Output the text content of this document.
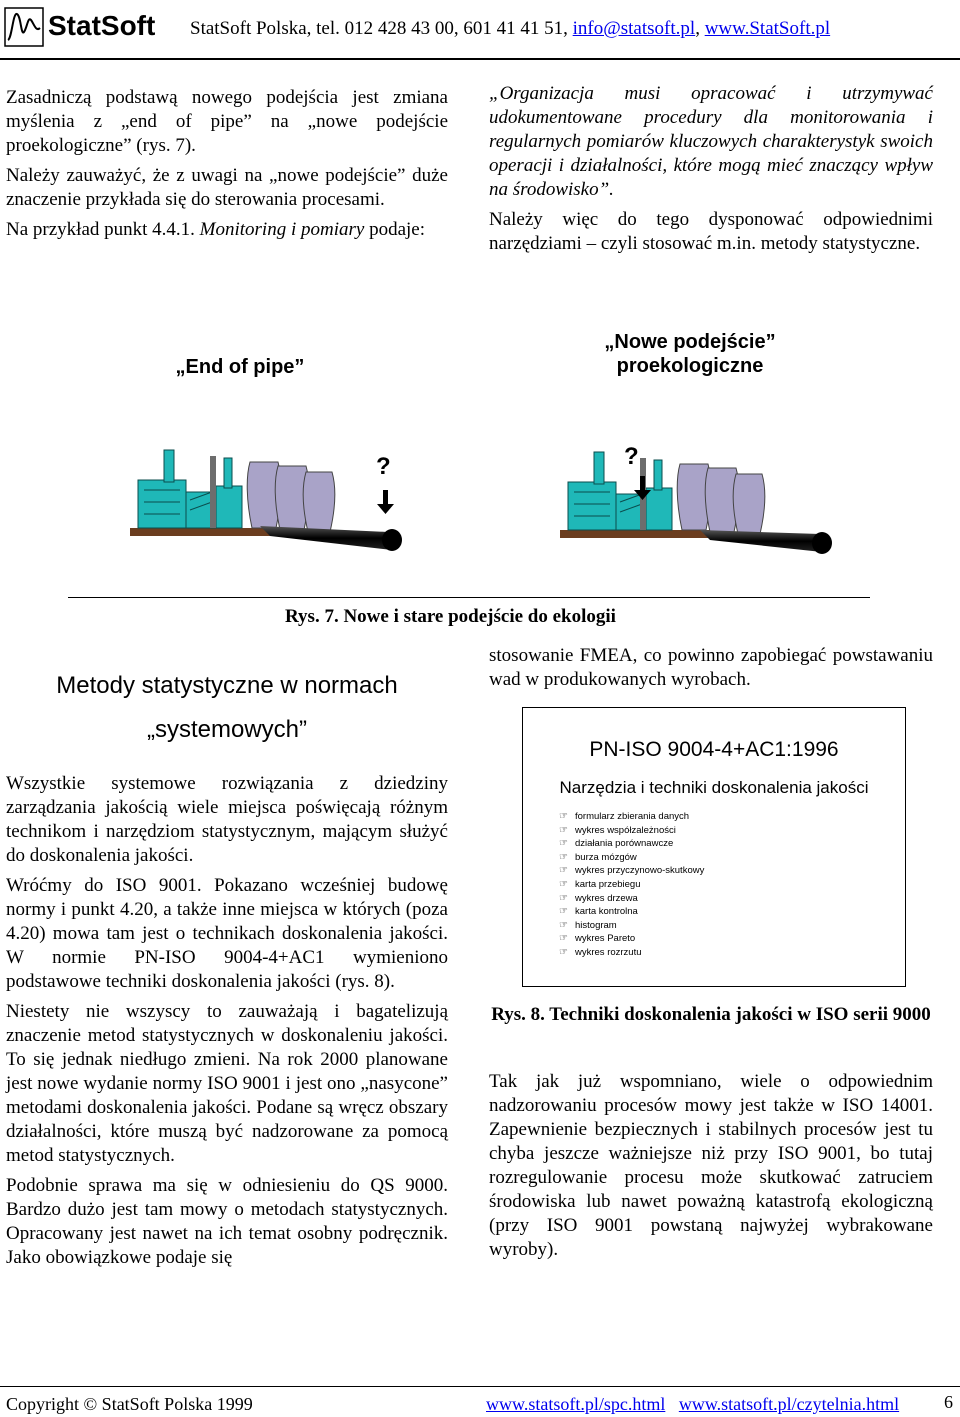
StatSoft StatSoft Polska, tel. 012 428 43 00, 601 41 41 51, info@statsoft.pl, www.StatSoft.pl

Zasadniczą podstawą nowego podejścia jest zmiana myślenia z „end of pipe” na „nowe podejście proekologiczne” (rys. 7).

Należy zauważyć, że z uwagi na „nowe podejście” duże znaczenie przykłada się do sterowania procesami.

Na przykład punkt 4.4.1. Monitoring i pomiary podaje:

„Organizacja musi opracować i utrzymywać udokumentowane procedury dla monitorowania i regularnych pomiarów kluczowych charakterystyk swoich operacji i działalności, które mogą mieć znaczący wpływ na środowisko”.

Należy więc do tego dysponować odpowiednimi narzędziami – czyli stosować m.in. metody statystyczne.

„End of pipe”
„Nowe podejście”
proekologiczne
?	?
Rys. 7. Nowe i stare podejście do ekologii
Metody statystyczne w normach
„systemowych”

Wszystkie systemowe rozwiązania z dziedziny zarządzania jakością wiele miejsca poświęcają różnym technikom i narzędziom statystycznym, mającym służyć do doskonalenia jakości.

Wróćmy do ISO 9001. Pokazano wcześniej budowę normy i punkt 4.20, a także inne miejsca w których (poza 4.20) mowa tam jest o technikach doskonalenia jakości. W normie PN-ISO 9004-4+AC1 wymieniono podstawowe techniki doskonalenia jakości (rys. 8).

Niestety nie wszyscy to zauważają i bagatelizują znaczenie metod statystycznych w doskonaleniu jakości. To się jednak niedługo zmieni. Na rok 2000 planowane jest nowe wydanie normy ISO 9001 i jest ono „nasycone” metodami doskonalenia jakości. Podane są wręcz obszary działalności, które muszą być nadzorowane za pomocą metod statystycznych.

Podobnie sprawa ma się w odniesieniu do QS 9000. Bardzo dużo jest tam mowy o metodach statystycznych. Opracowany jest nawet na ich temat osobny podręcznik. Jako obowiązkowe podaje się

stosowanie FMEA, co powinno zapobiegać powstawaniu wad w produkowanych wyrobach.

PN-ISO 9004-4+AC1:1996
Narzędzia i techniki doskonalenia jakości
☞ formularz zbierania danych
☞ wykres współzależności
☞ działania porównawcze
☞ burza mózgów
☞ wykres przyczynowo-skutkowy
☞ karta przebiegu
☞ wykres drzewa
☞ karta kontrolna
☞ histogram
☞ wykres Pareto
☞ wykres rozrzutu
Rys. 8. Techniki doskonalenia jakości w ISO serii 9000

Tak jak już wspomniano, wiele o odpowiednim nadzorowaniu procesów mowy jest także w ISO 14001. Zapewnienie bezpiecznych i stabilnych procesów jest tu chyba jeszcze ważniejsze niż przy ISO 9001, bo tutaj rozregulowanie procesu może skutkować zatruciem środowiska lub nawet poważną katastrofą ekologiczną (przy ISO 9001 powstaną najwyżej wybrakowane wyroby).

Copyright © StatSoft Polska 1999	www.statsoft.pl/spc.html www.statsoft.pl/czytelnia.html 6
